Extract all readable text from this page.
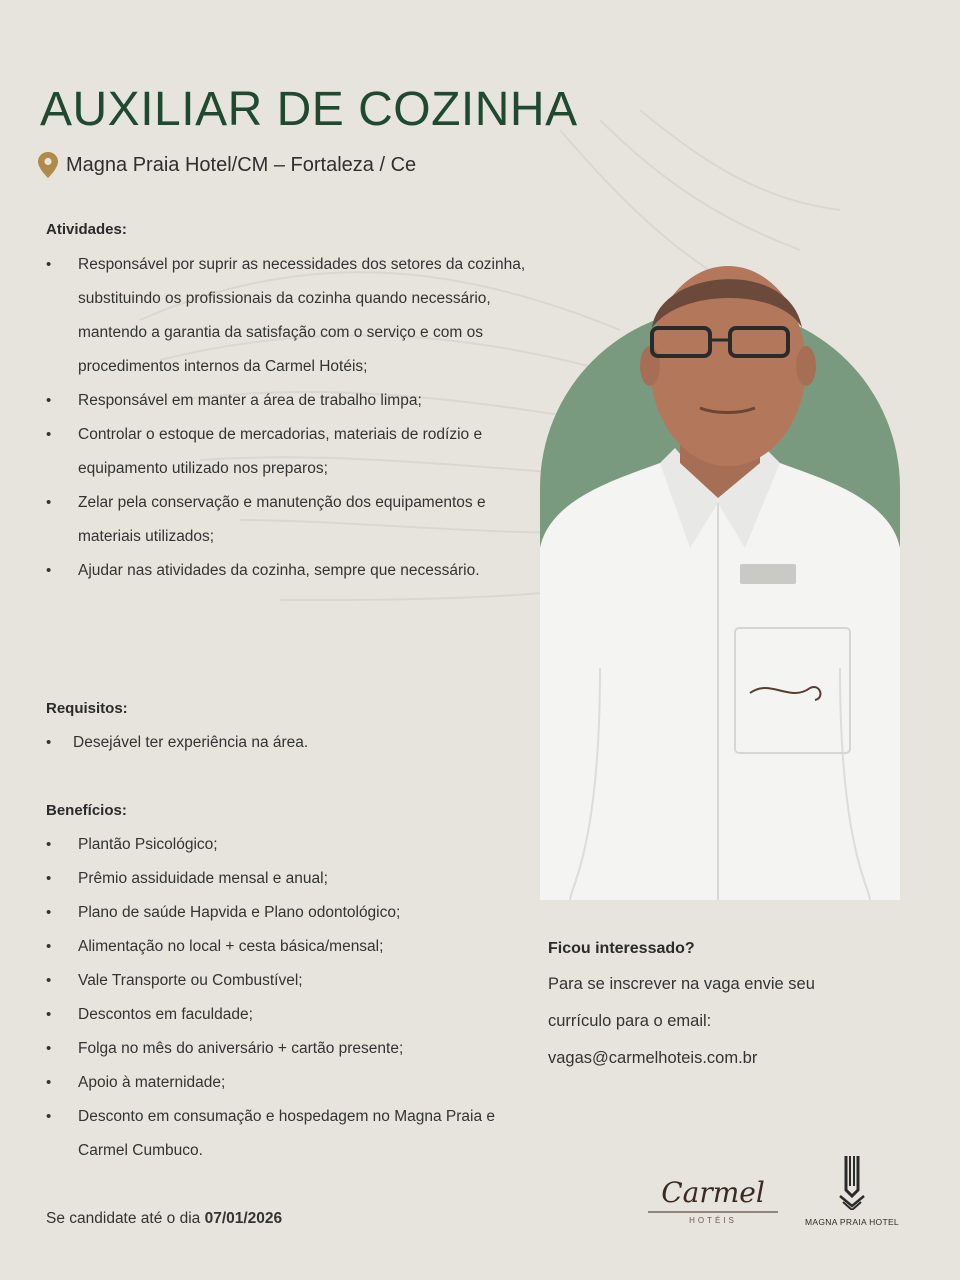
AUXILIAR DE COZINHA
Magna Praia Hotel/CM – Fortaleza / Ce
Atividades:
• Responsável por suprir as necessidades dos setores da cozinha, substituindo os profissionais da cozinha quando necessário, mantendo a garantia da satisfação com o serviço e com os procedimentos internos da Carmel Hotéis;
• Responsável em manter a área de trabalho limpa;
• Controlar o estoque de mercadorias, materiais de rodízio e equipamento utilizado nos preparos;
• Zelar pela conservação e manutenção dos equipamentos e materiais utilizados;
• Ajudar nas atividades da cozinha, sempre que necessário.
Requisitos:
• Desejável ter experiência na área.
Benefícios:
• Plantão Psicológico;
• Prêmio assiduidade mensal e anual;
• Plano de saúde Hapvida e Plano odontológico;
• Alimentação no local + cesta básica/mensal;
• Vale Transporte ou Combustível;
• Descontos em faculdade;
• Folga no mês do aniversário + cartão presente;
• Apoio à maternidade;
• Desconto em consumação e hospedagem no Magna Praia e Carmel Cumbuco.
Ficou interessado?
Para se inscrever na vaga envie seu
currículo para o email:
vagas@carmelhoteis.com.br
Se candidate até o dia 07/01/2026
Carmel
HOTÉIS	MAGNA PRAIA HOTEL
